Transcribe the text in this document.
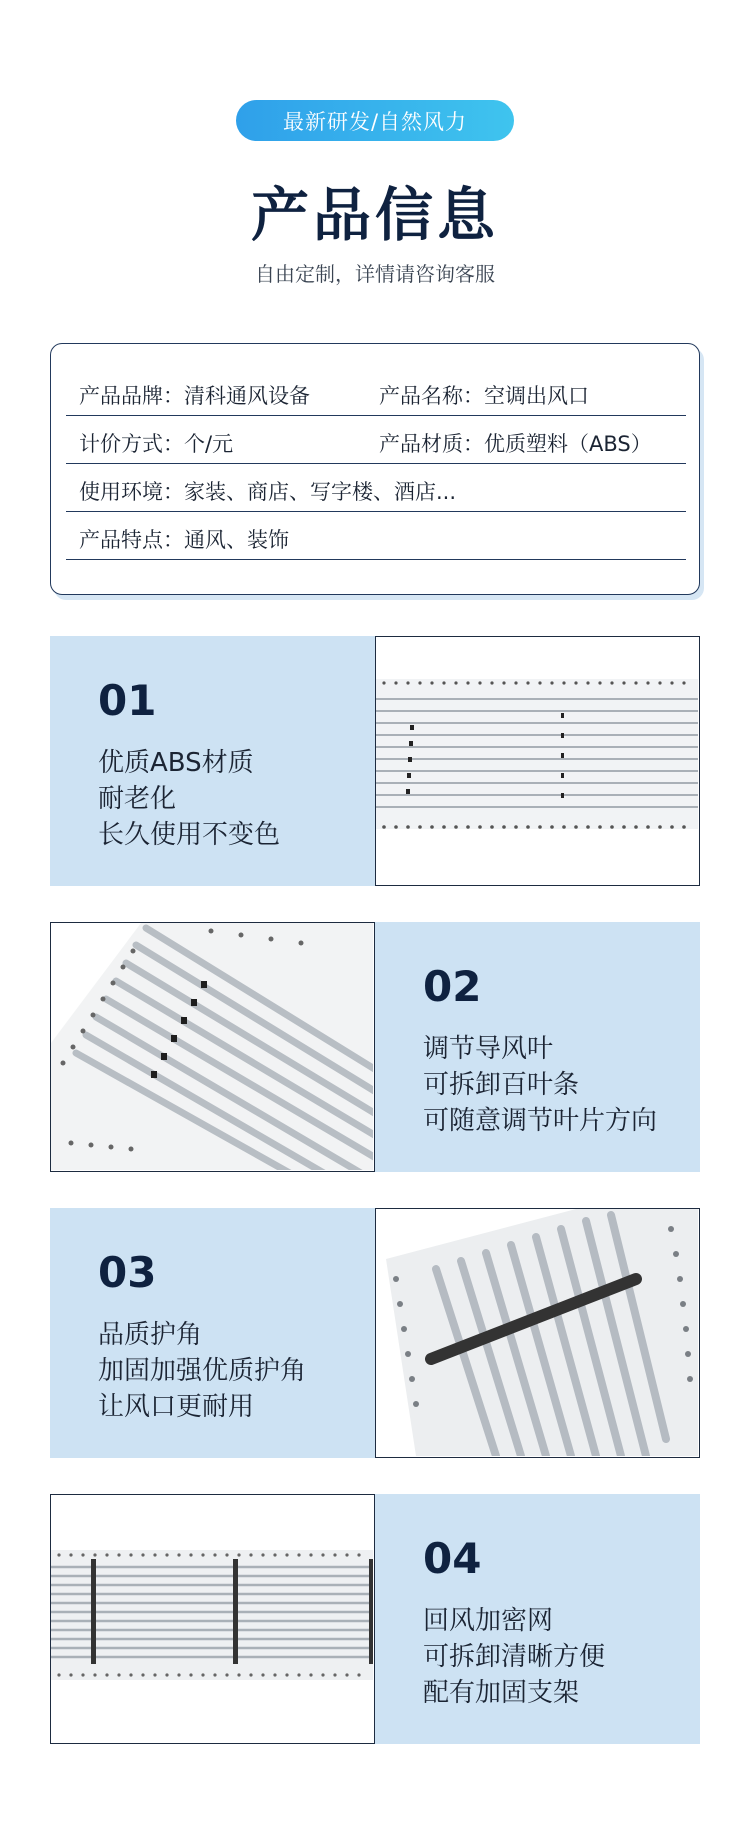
最新研发/自然风力
产品信息
自由定制，详情请咨询客服
产品品牌：清科通风设备	产品名称：空调出风口
计价方式：个/元	产品材质：优质塑料（ABS）
使用环境：家装、商店、写字楼、酒店...
产品特点：通风、装饰
01
优质ABS材质
耐老化
长久使用不变色
02
调节导风叶
可拆卸百叶条
可随意调节叶片方向
03
品质护角
加固加强优质护角
让风口更耐用
04
回风加密网
可拆卸清晰方便
配有加固支架
